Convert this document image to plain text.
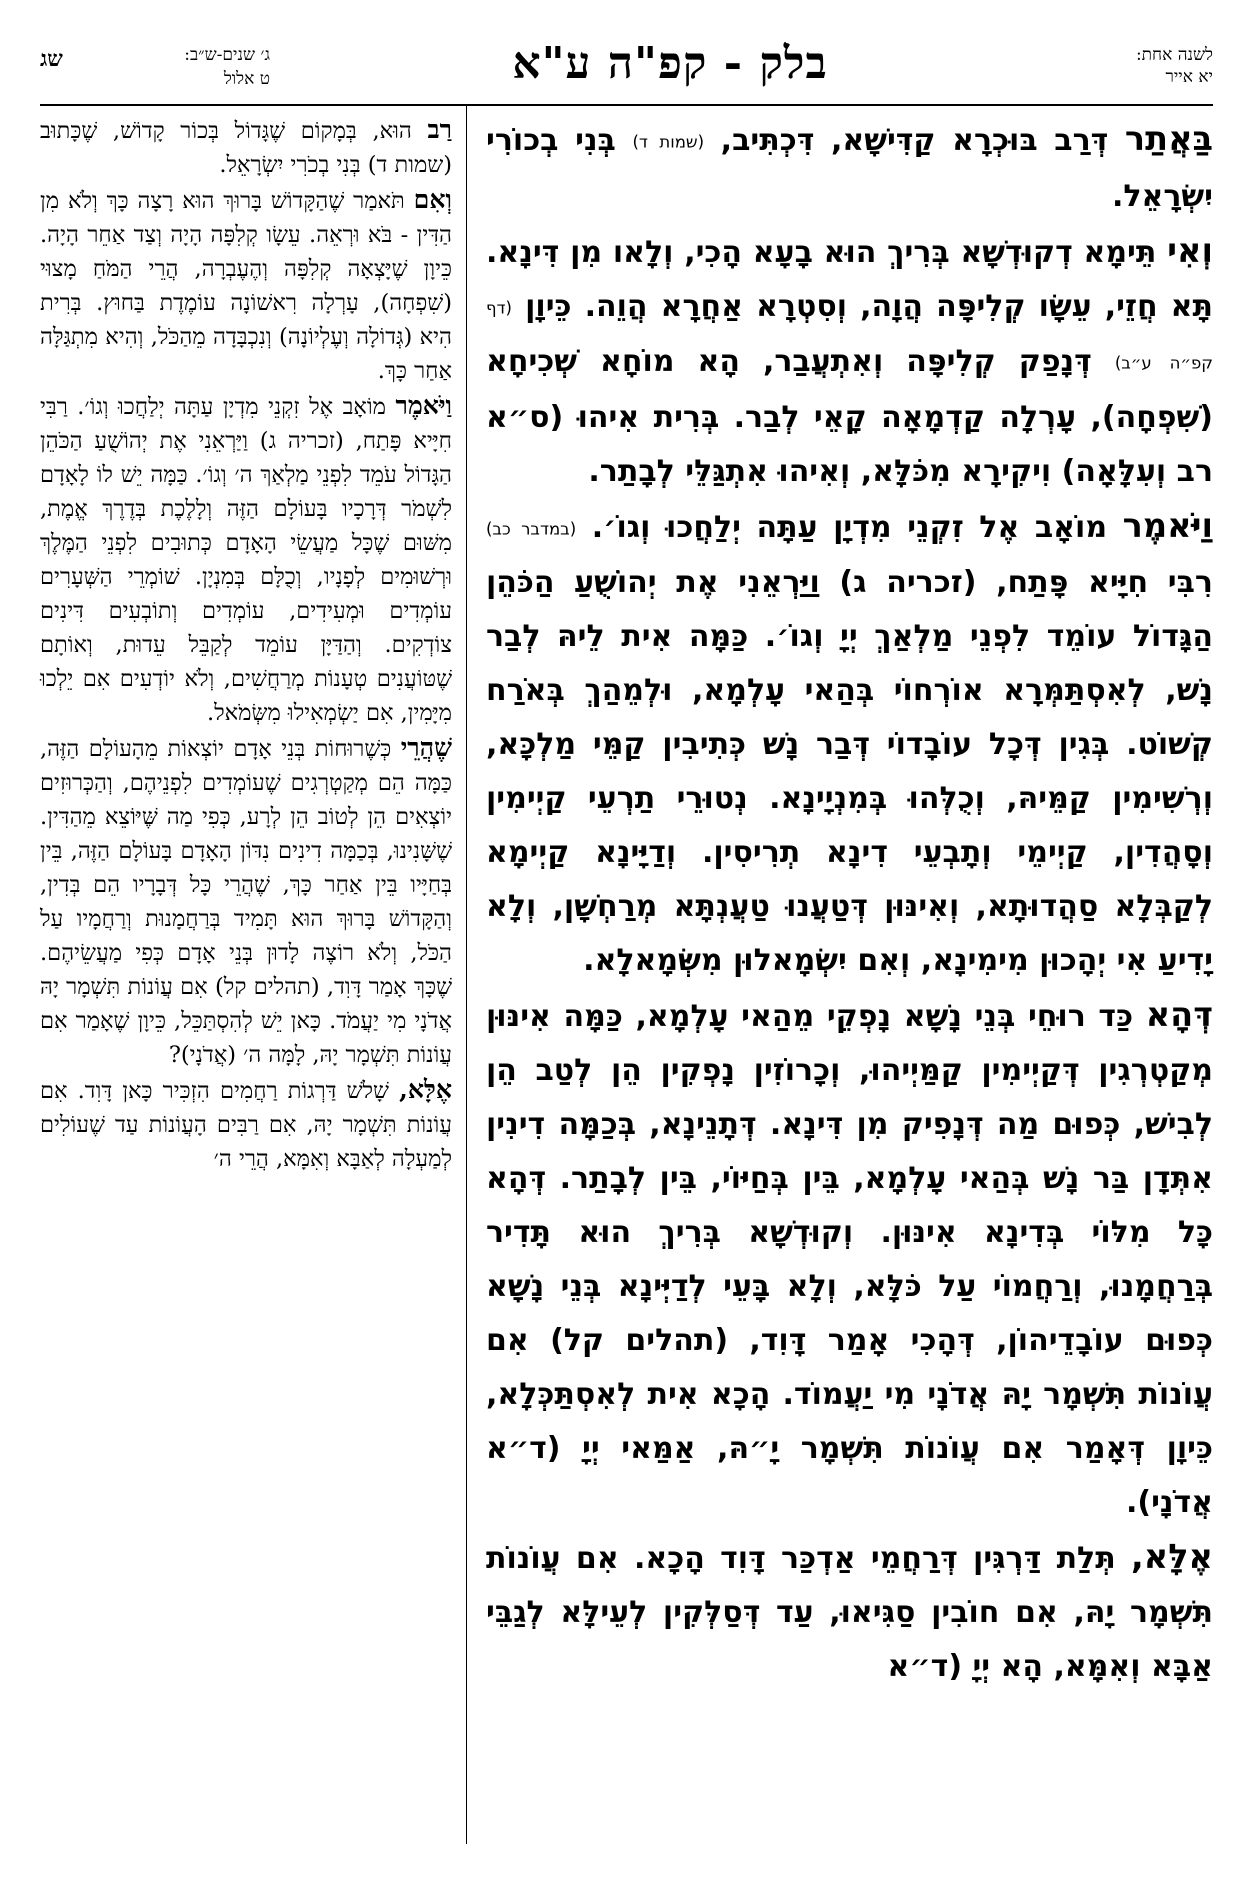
שג	ג׳ שנים-ש״ב:
ט אלול	בלק - קפ"ה ע"א	לשנה אחת:
יא אייר

בַּאֲתַר דְּרַב בּוּכְרָא קַדִּישָׁא, דִּכְתִּיב, (שמות ד) בְּנִי בְכוֹרִי יִשְׂרָאֵל.

וְאִי תֵּימָא דְקוּדְשָׁא בְּרִיךְ הוּא בָעָא הָכִי, וְלָאו מִן דִּינָא. תָּא חֲזֵי, עֵשָׂו קְלִיפָּה הֲוָה, וְסִטְרָא אַחֲרָא הֲוֵה. כֵּיוָן (דף קפ״ה ע״ב) דְּנָפַק קְלִיפָּה וְאִתְעֲבַר, הָא מוֹחָא שְׁכִיחָא (שִׁפְחָה), עָרְלָה קַדְמָאָה קָאֵי לְבַר. בְּרִית אִיהוּ (ס״א רב וְעִלָּאָה) וִיקִירָא מִכֹּלָּא, וְאִיהוּ אִתְגַּלֵּי לְבָתַר.

וַיֹּאמֶר מוֹאָב אֶל זִקְנֵי מִדְיָן עַתָּה יְלַחֲכוּ וְגוֹ׳. (במדבר כב) רִבִּי חִיָּיא פָּתַח, (זכריה ג) וַיַּרְאֵנִי אֶת יְהוֹשֻׁעַ הַכֹּהֵן הַגָּדוֹל עוֹמֵד לִפְנֵי מַלְאַךְ יְיָ וְגוֹ׳. כַּמָּה אִית לֵיהּ לְבַר נָשׁ, לְאִסְתַּמְּרָא אוֹרְחוֹי בְּהַאי עָלְמָא, וּלְמֵהַךְ בְּאֹרַח קְשׁוֹט. בְּגִין דְּכָל עוֹבָדוֹי דְּבַר נָשׁ כְּתִיבִין קַמֵּי מַלְכָּא, וְרְשִׁימִין קַמֵּיהּ, וְכֻלְּהוּ בְּמִנְיָינָא. נְטוּרֵי תַרְעֵי קַיְימִין וְסָהֲדִין, קַיְימֵי וְתָבְעֵי דִינָא תְרִיסִין. וְדַיָּינָא קַיְימָא לְקַבְּלָא סַהֲדוּתָא, וְאִינּוּן דְּטַעֲנוּ טַעֲנְתָּא מְרַחְשָׁן, וְלָא יָדִיעַ אִי יְהָכוּן מִימִינָא, וְאִם יִשְׂמָאלוּן מִשְּׂמָאלָא.

דְּהָא כַּד רוּחֵי בְּנֵי נָשָׁא נָפְקֵי מֵהַאי עָלְמָא, כַּמָּה אִינּוּן מְקַטְרְגִין דְּקַיְימִין קַמַּיְיהוּ, וְכָרוֹזִין נָפְקִין הֵן לְטַב הֵן לְבִישׁ, כְּפוּם מַה דְּנָפִיק מִן דִּינָא. דְּתָנֵינָא, בְּכַמָּה דִינִין אִתְּדָן בַּר נָשׁ בְּהַאי עָלְמָא, בֵּין בְּחַיּוֹי, בֵּין לְבָתַר. דְּהָא כָּל מִלּוֹי בְּדִינָא אִינּוּן. וְקוּדְשָׁא בְּרִיךְ הוּא תָּדִיר בְּרַחֲמָנוּ, וְרַחֲמוֹי עַל כֹּלָּא, וְלָא בָּעֵי לְדַיְּינָא בְּנֵי נָשָׁא כְּפוּם עוֹבָדֵיהוֹן, דְּהָכִי אָמַר דָּוִד, (תהלים קל) אִם עֲוֹנוֹת תִּשְׁמָר יָהּ אֲדֹנָי מִי יַעֲמוֹד. הָכָא אִית לְאִסְתַּכְּלָא, כֵּיוָן דְּאָמַר אִם עֲוֹנוֹת תִּשְׁמָר יָ״הּ, אַמַּאי יְיָ (ד״א אֲדֹנָי).

אֶלָּא, תְּלַת דַּרְגִּין דְּרַחֲמֵי אַדְכַּר דָּוִד הָכָא. אִם עֲוֹנוֹת תִּשְׁמָר יָהּ, אִם חוֹבִין סַגִּיאוּ, עַד דְּסַלְּקִין לְעֵילָּא לְגַבֵּי אַבָּא וְאִמָּא, הָא יְיָ (ד״א

רַב הוּא, בְּמָקוֹם שֶׁגָּדוֹל בְּכוֹר קָדוֹשׁ, שֶׁכָּתוּב (שמות ד) בְּנִי בְכֹרִי יִשְׂרָאֵל.

וְאִם תֹּאמַר שֶׁהַקָּדוֹשׁ בָּרוּךְ הוּא רָצָה כָּךְ וְלֹא מִן הַדִּין - בֹּא וּרְאֵה. עֵשָׂו קְלִפָּה הָיָה וְצַד אַחֵר הָיָה. כֵּיוָן שֶׁיָּצְאָה קְלִפָּה וְהֶעֶבְרָה, הֲרֵי הַמֹּחַ מָצוּי (שִׁפְחָה), עָרְלָה רִאשׁוֹנָה עוֹמֶדֶת בַּחוּץ. בְּרִית הִיא (גְּדוֹלָה וְעֶלְיוֹנָה) וְנִכְבָּדָה מֵהַכֹּל, וְהִיא מִתְגַּלָּה אַחַר כָּךְ.

וַיֹּאמֶר מוֹאָב אֶל זִקְנֵי מִדְיָן עַתָּה יְלַחֲכוּ וְגוֹ׳. רַבִּי חִיָּיא פָּתַח, (זכריה ג) וַיַּרְאֵנִי אֶת יְהוֹשֻׁעַ הַכֹּהֵן הַגָּדוֹל עֹמֵד לִפְנֵי מַלְאַךְ ה׳ וְגוֹ׳. כַּמָּה יֵשׁ לוֹ לָאָדָם לִשְׁמֹר דְּרָכָיו בָּעוֹלָם הַזֶּה וְלָלֶכֶת בְּדֶרֶךְ אֱמֶת, מִשּׁוּם שֶׁכָּל מַעֲשֵׂי הָאָדָם כְּתוּבִים לִפְנֵי הַמֶּלֶךְ וּרְשׁוּמִים לְפָנָיו, וְכֻלָּם בְּמִנְיָן. שׁוֹמְרֵי הַשְּׁעָרִים עוֹמְדִים וּמְעִידִים, עוֹמְדִים וְתוֹבְעִים דִּינִים צוֹדְקִים. וְהַדַּיָּן עוֹמֵד לְקַבֵּל עֵדוּת, וְאוֹתָם שֶׁטּוֹעֲנִים טְעָנוֹת מְרַחֲשִׁים, וְלֹא יוֹדְעִים אִם יֵלְכוּ מִיָּמִין, אִם יַשְׂמְאִילוּ מִשְּׂמֹאל.

שֶׁהֲרֵי כְּשֶׁרוּחוֹת בְּנֵי אָדָם יוֹצְאוֹת מֵהָעוֹלָם הַזֶּה, כַּמָּה הֵם מְקַטְרְגִים שֶׁעוֹמְדִים לִפְנֵיהֶם, וְהַכְּרוּזִים יוֹצְאִים הֵן לְטוֹב הֵן לְרָע, כְּפִי מַה שֶּׁיּוֹצֵא מֵהַדִּין. שֶׁשָּׁנִינוּ, בְּכַמָּה דִינִים נִדּוֹן הָאָדָם בָּעוֹלָם הַזֶּה, בֵּין בְּחַיָּיו בֵּין אַחַר כָּךְ, שֶׁהֲרֵי כָּל דְּבָרָיו הֵם בְּדִין, וְהַקָּדוֹשׁ בָּרוּךְ הוּא תָּמִיד בְּרַחֲמָנוּת וְרַחֲמָיו עַל הַכֹּל, וְלֹא רוֹצֶה לָדוּן בְּנֵי אָדָם כְּפִי מַעֲשֵׂיהֶם. שֶׁכָּךְ אָמַר דָּוִד, (תהלים קל) אִם עֲוֹנוֹת תִּשְׁמָר יָהּ אֲדֹנָי מִי יַעֲמֹד. כָּאן יֵשׁ לְהִסְתַּכֵּל, כֵּיוָן שֶׁאָמַר אִם עֲוֹנוֹת תִּשְׁמָר יָהּ, לָמָּה ה׳ (אֲדֹנָי)?

אֶלָּא, שָׁלֹשׁ דַּרְגוֹת רַחֲמִים הִזְכִּיר כָּאן דָּוִד. אִם עֲוֹנוֹת תִּשְׁמָר יָהּ, אִם רַבִּים הָעֲוֹנוֹת עַד שֶׁעוֹלִים לְמַעְלָה לְאַבָּא וְאִמָּא, הֲרֵי ה׳
